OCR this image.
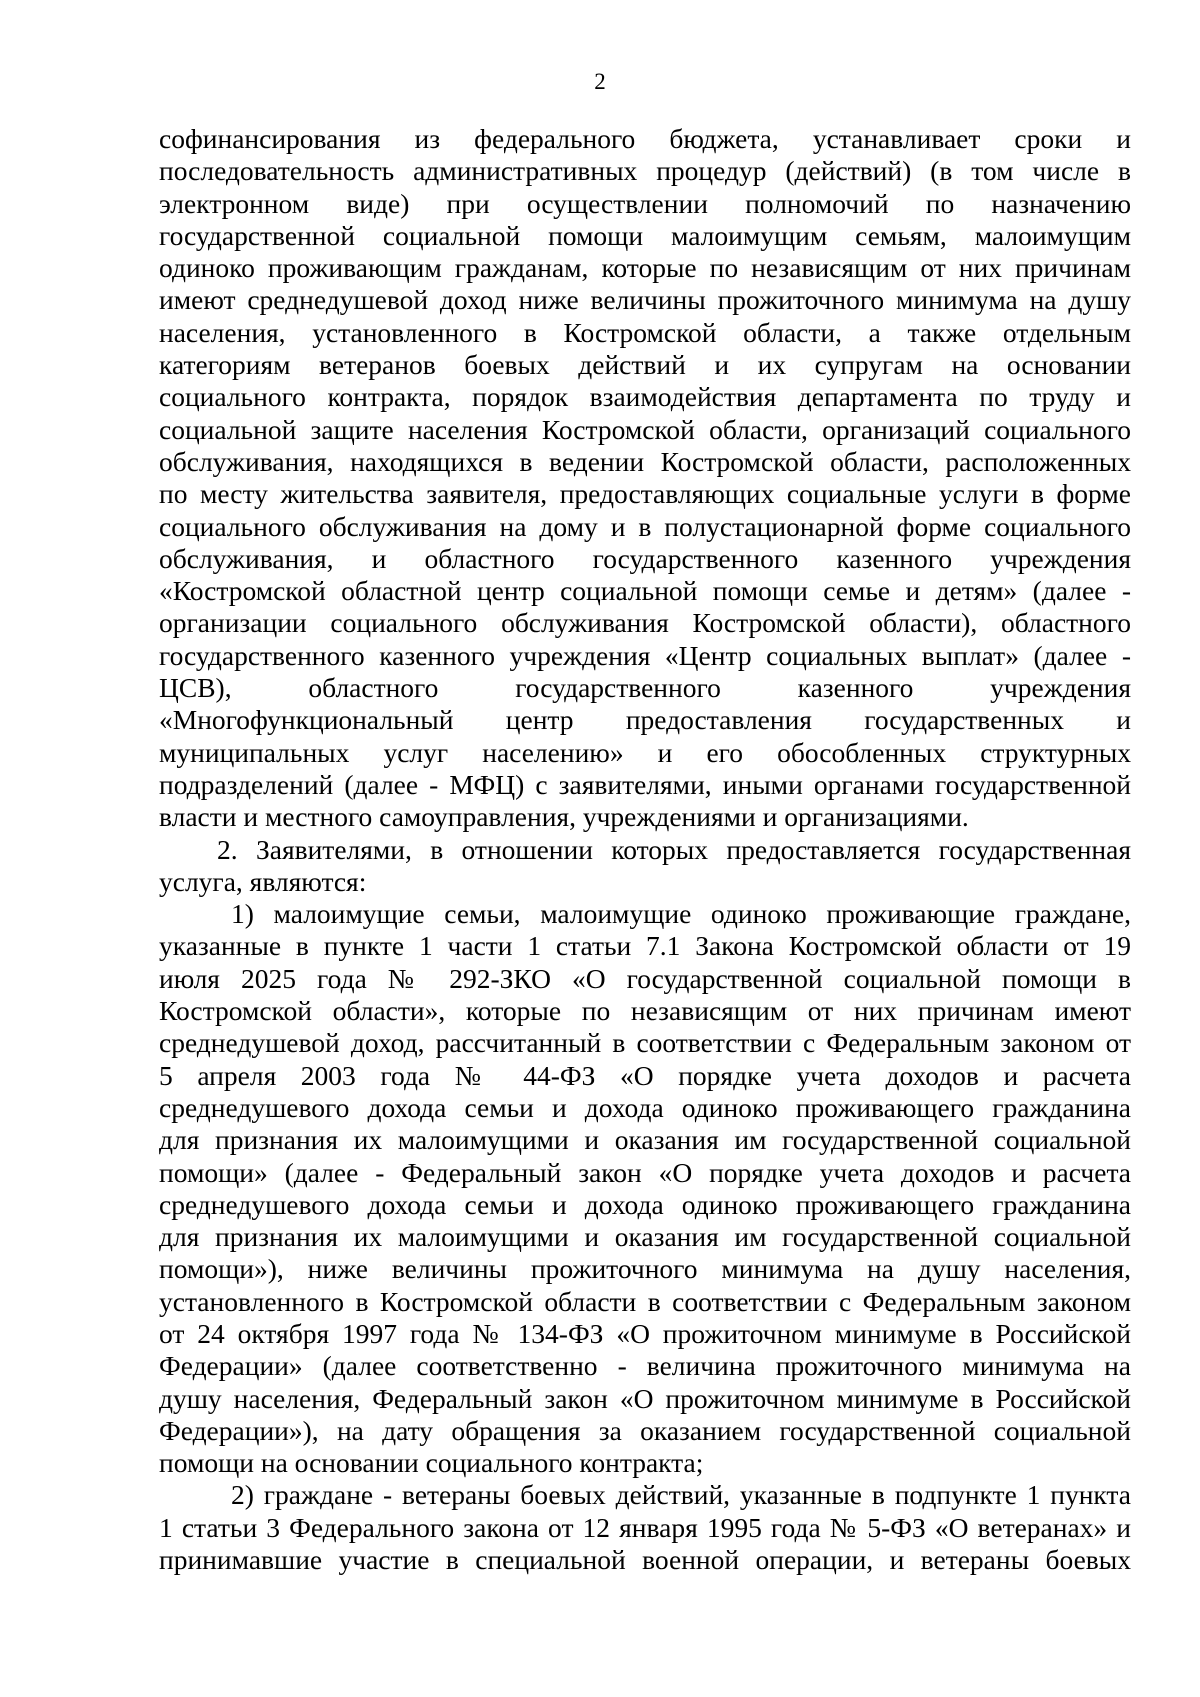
2
софинансирования из федерального бюджета, устанавливает сроки и
последовательность административных процедур (действий) (в том числе в
электронном виде) при осуществлении полномочий по назначению
государственной социальной помощи малоимущим семьям, малоимущим
одиноко проживающим гражданам, которые по независящим от них причинам
имеют среднедушевой доход ниже величины прожиточного минимума на душу
населения, установленного в Костромской области, а также отдельным
категориям ветеранов боевых действий и их супругам на основании
социального контракта, порядок взаимодействия департамента по труду и
социальной защите населения Костромской области, организаций социального
обслуживания, находящихся в ведении Костромской области, расположенных
по месту жительства заявителя, предоставляющих социальные услуги в форме
социального обслуживания на дому и в полустационарной форме социального
обслуживания, и областного государственного казенного учреждения
«Костромской областной центр социальной помощи семье и детям» (далее -
организации социального обслуживания Костромской области), областного
государственного казенного учреждения «Центр социальных выплат» (далее -
ЦСВ), областного государственного казенного учреждения
«Многофункциональный центр предоставления государственных и
муниципальных услуг населению» и его обособленных структурных
подразделений (далее - МФЦ) с заявителями, иными органами государственной
власти и местного самоуправления, учреждениями и организациями.
2. Заявителями, в отношении которых предоставляется государственная
услуга, являются:
1) малоимущие семьи, малоимущие одиноко проживающие граждане,
указанные в пункте 1 части 1 статьи 7.1 Закона Костромской области от 19
июля 2025 года № 292-ЗКО «О государственной социальной помощи в
Костромской области», которые по независящим от них причинам имеют
среднедушевой доход, рассчитанный в соответствии с Федеральным законом от
5 апреля 2003 года № 44-ФЗ «О порядке учета доходов и расчета
среднедушевого дохода семьи и дохода одиноко проживающего гражданина
для признания их малоимущими и оказания им государственной социальной
помощи» (далее - Федеральный закон «О порядке учета доходов и расчета
среднедушевого дохода семьи и дохода одиноко проживающего гражданина
для признания их малоимущими и оказания им государственной социальной
помощи»), ниже величины прожиточного минимума на душу населения,
установленного в Костромской области в соответствии с Федеральным законом
от 24 октября 1997 года № 134-ФЗ «О прожиточном минимуме в Российской
Федерации» (далее соответственно - величина прожиточного минимума на
душу населения, Федеральный закон «О прожиточном минимуме в Российской
Федерации»), на дату обращения за оказанием государственной социальной
помощи на основании социального контракта;
2) граждане - ветераны боевых действий, указанные в подпункте 1 пункта
1 статьи 3 Федерального закона от 12 января 1995 года № 5-ФЗ «О ветеранах» и
принимавшие участие в специальной военной операции, и ветераны боевых
